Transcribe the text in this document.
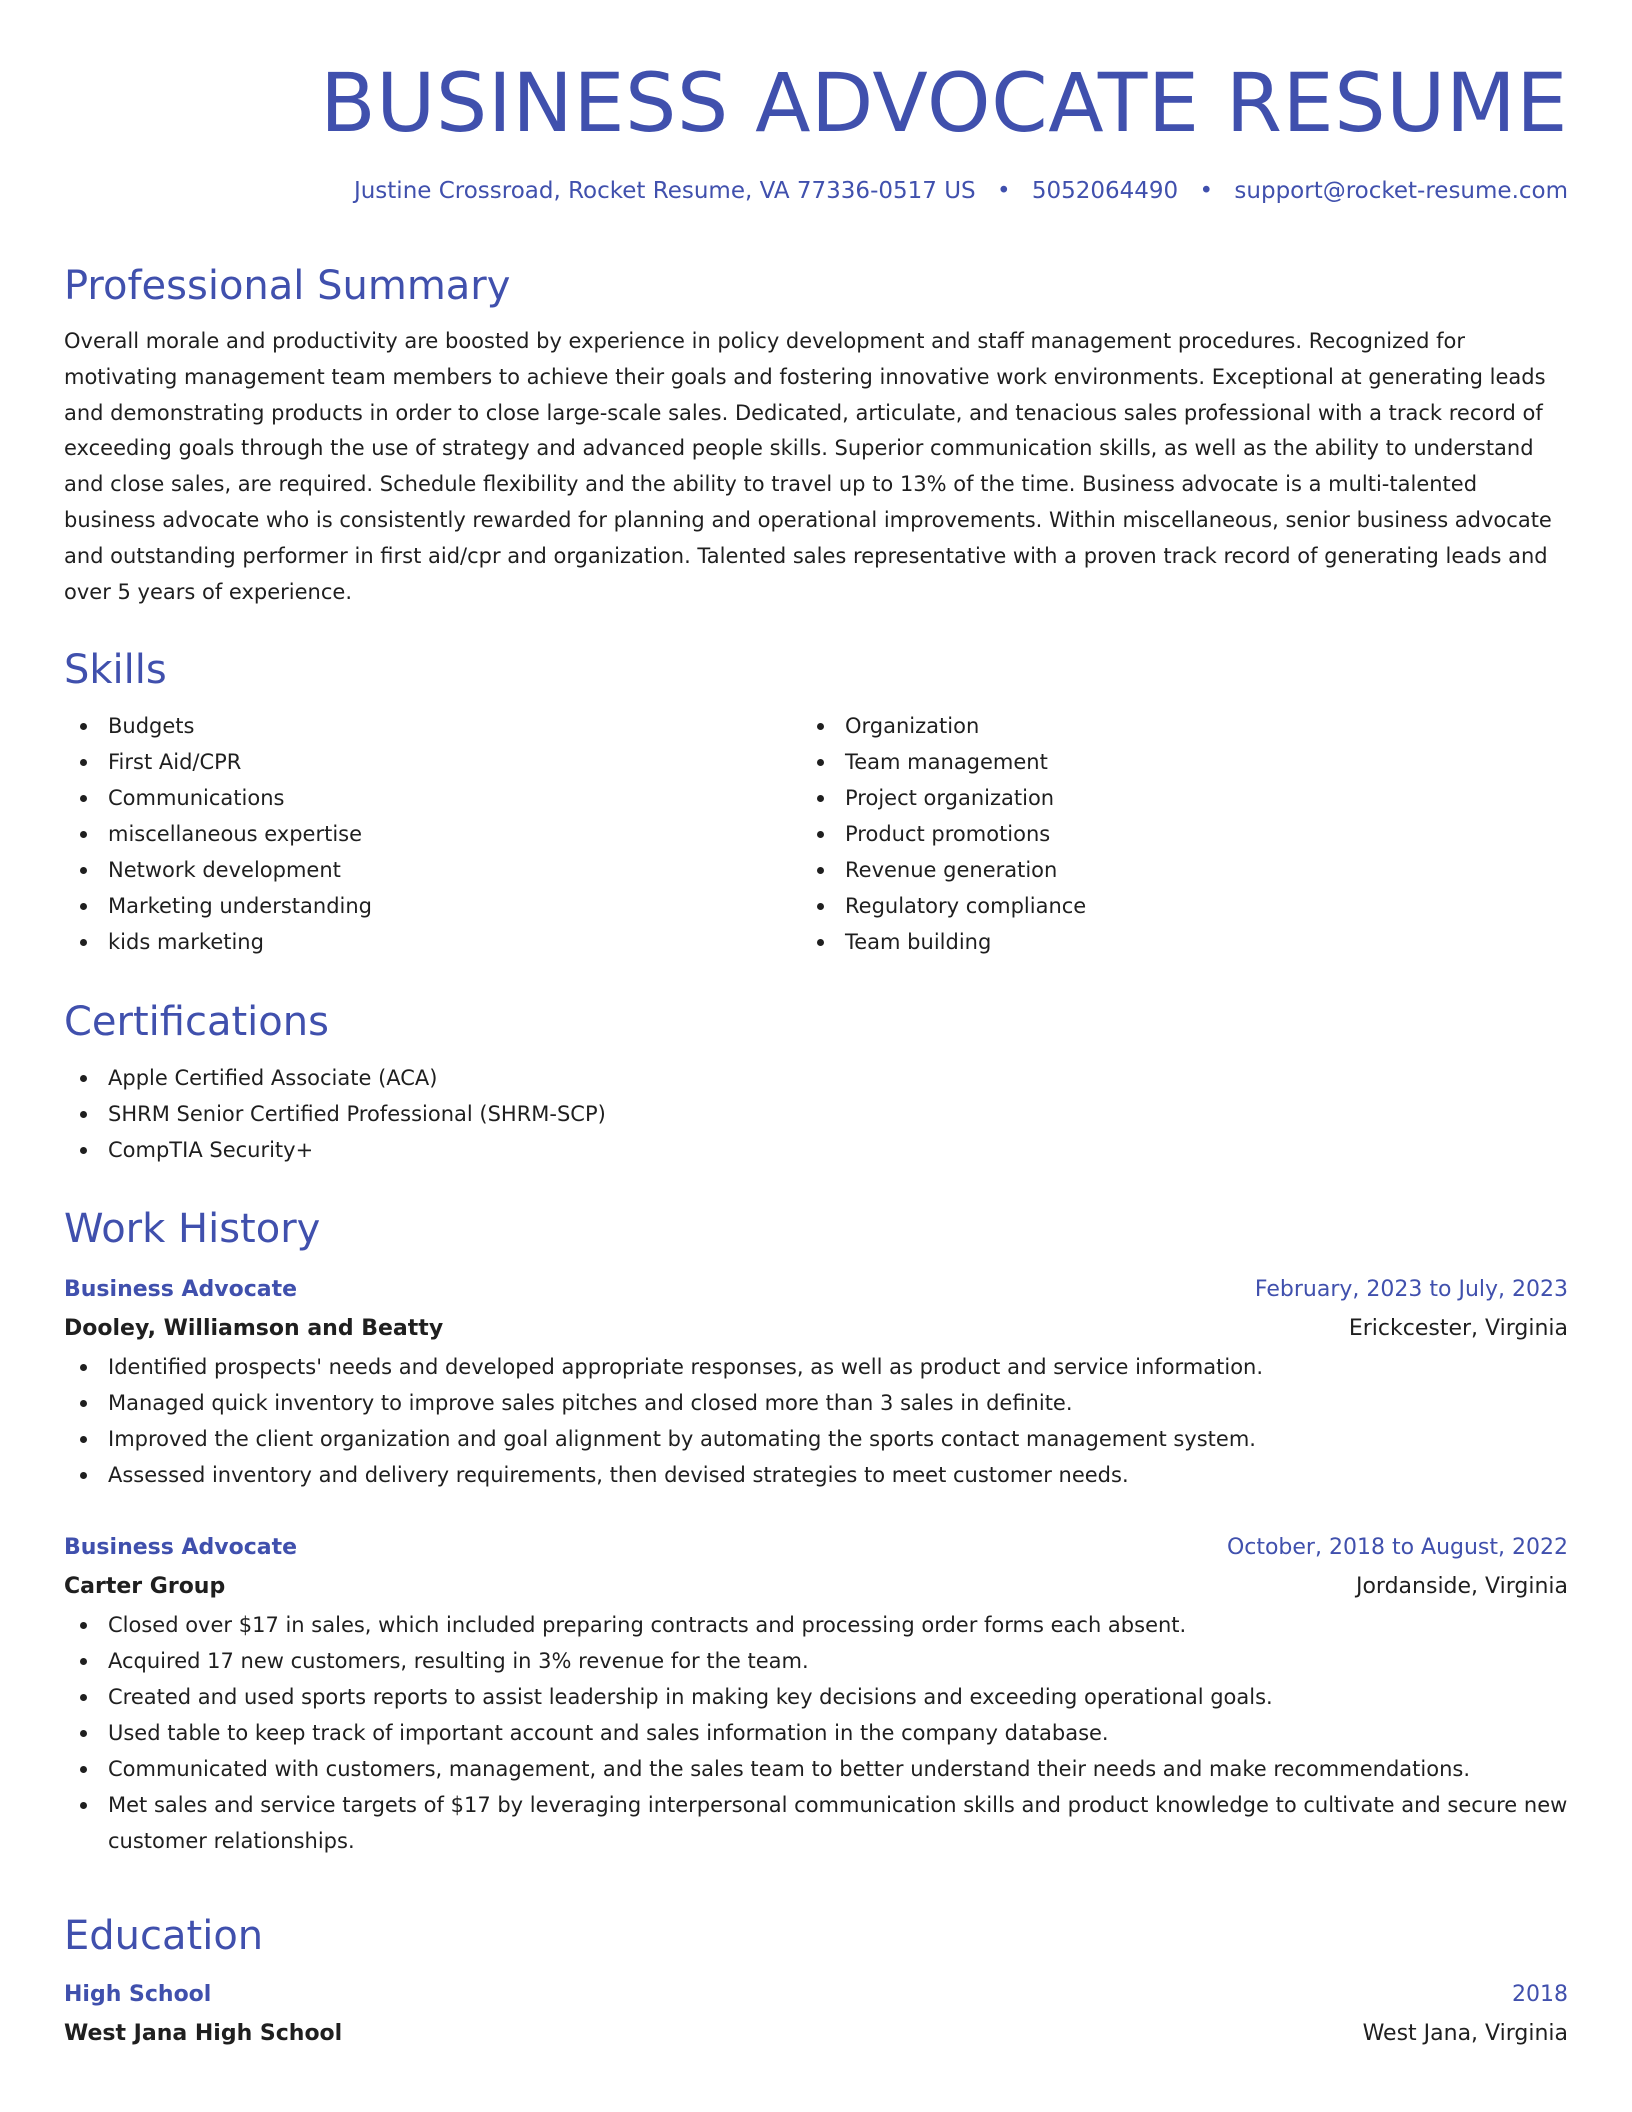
BUSINESS ADVOCATE RESUME
Justine Crossroad, Rocket Resume, VA 77336-0517 US • 5052064490 • support@rocket-resume.com
Professional Summary
Overall morale and productivity are boosted by experience in policy development and staff management procedures. Recognized for motivating management team members to achieve their goals and fostering innovative work environments. Exceptional at generating leads and demonstrating products in order to close large-scale sales. Dedicated, articulate, and tenacious sales professional with a track record of exceeding goals through the use of strategy and advanced people skills. Superior communication skills, as well as the ability to understand and close sales, are required. Schedule flexibility and the ability to travel up to 13% of the time. Business advocate is a multi-talented business advocate who is consistently rewarded for planning and operational improvements. Within miscellaneous, senior business advocate and outstanding performer in first aid/cpr and organization. Talented sales representative with a proven track record of generating leads and over 5 years of experience.
Skills
Budgets
First Aid/CPR
Communications
miscellaneous expertise
Network development
Marketing understanding
kids marketing
Organization
Team management
Project organization
Product promotions
Revenue generation
Regulatory compliance
Team building
Certifications
Apple Certified Associate (ACA)
SHRM Senior Certified Professional (SHRM-SCP)
CompTIA Security+
Work History
Business Advocate	February, 2023 to July, 2023
Dooley, Williamson and Beatty	Erickcester, Virginia
Identified prospects' needs and developed appropriate responses, as well as product and service information.
Managed quick inventory to improve sales pitches and closed more than 3 sales in definite.
Improved the client organization and goal alignment by automating the sports contact management system.
Assessed inventory and delivery requirements, then devised strategies to meet customer needs.
Business Advocate	October, 2018 to August, 2022
Carter Group	Jordanside, Virginia
Closed over $17 in sales, which included preparing contracts and processing order forms each absent.
Acquired 17 new customers, resulting in 3% revenue for the team.
Created and used sports reports to assist leadership in making key decisions and exceeding operational goals.
Used table to keep track of important account and sales information in the company database.
Communicated with customers, management, and the sales team to better understand their needs and make recommendations.
Met sales and service targets of $17 by leveraging interpersonal communication skills and product knowledge to cultivate and secure new customer relationships.
Education
High School	2018
West Jana High School	West Jana, Virginia
